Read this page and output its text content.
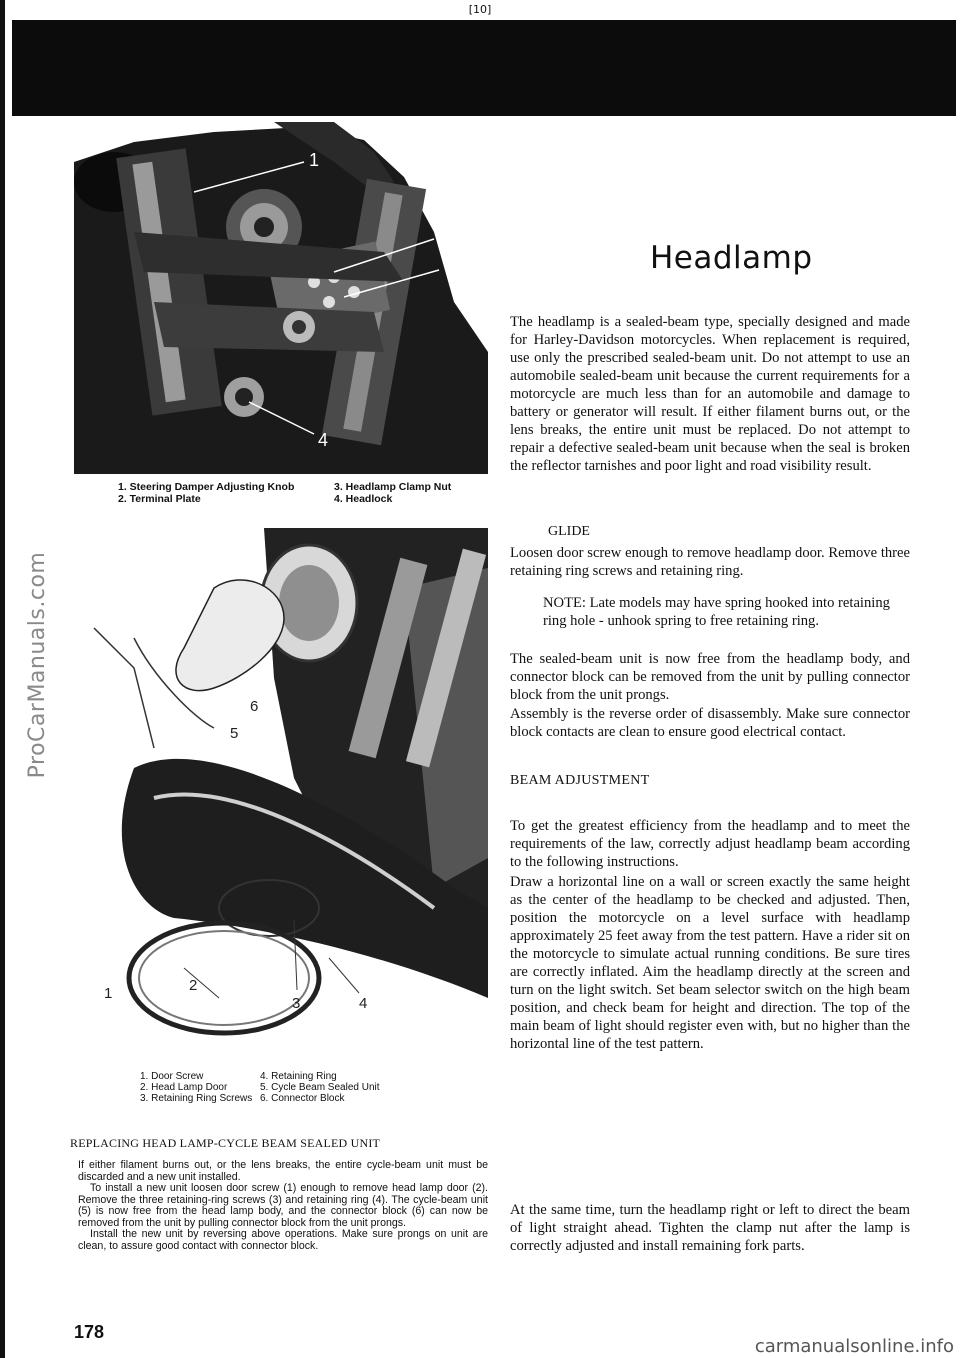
ProCarManuals.com
[10]
1
2
3
4
1. Steering Damper Adjusting Knob
2. Terminal Plate
3. Headlamp Clamp Nut
4. Headlock
1	2
3	4
5
6
1. Door Screw
2. Head Lamp Door
3. Retaining Ring Screws
4. Retaining Ring
5. Cycle Beam Sealed Unit
6. Connector Block
REPLACING HEAD LAMP-CYCLE BEAM SEALED UNIT

If either filament burns out, or the lens breaks, the entire cycle-beam unit must be discarded and a new unit installed.

To install a new unit loosen door screw (1) enough to remove head lamp door (2). Remove the three retaining-ring screws (3) and retaining ring (4). The cycle-beam unit (5) is now free from the head lamp body, and the connector block (6) can now be removed from the unit by pulling connector block from the unit prongs.

Install the new unit by reversing above operations. Make sure prongs on unit are clean, to assure good contact with connector block.

178
Headlamp

The headlamp is a sealed-beam type, specially designed and made for Harley-Davidson motorcycles. When replacement is required, use only the prescribed sealed-beam unit. Do not attempt to use an automobile sealed-beam unit because the current requirements for a motorcycle are much less than for an automobile and damage to battery or generator will result. If either filament burns out, or the lens breaks, the entire unit must be replaced. Do not attempt to repair a defective sealed-beam unit because when the seal is broken the reflector tarnishes and poor light and road visibility result.

GLIDE

Loosen door screw enough to remove headlamp door. Remove three retaining ring screws and retaining ring.

NOTE: Late models may have spring hooked into retaining ring hole - unhook spring to free retaining ring.

The sealed-beam unit is now free from the headlamp body, and connector block can be removed from the unit by pulling connector block from the unit prongs.

Assembly is the reverse order of disassembly. Make sure connector block contacts are clean to ensure good electrical contact.

BEAM ADJUSTMENT

To get the greatest efficiency from the headlamp and to meet the requirements of the law, correctly adjust headlamp beam according to the following instructions.

Draw a horizontal line on a wall or screen exactly the same height as the center of the headlamp to be checked and adjusted. Then, position the motorcycle on a level surface with headlamp approximately 25 feet away from the test pattern. Have a rider sit on the motorcycle to simulate actual running conditions. Be sure tires are correctly inflated. Aim the headlamp directly at the screen and turn on the light switch. Set beam selector switch on the high beam position, and check beam for height and direction. The top of the main beam of light should register even with, but no higher than the horizontal line of the test pattern.

At the same time, turn the headlamp right or left to direct the beam of light straight ahead. Tighten the clamp nut after the lamp is correctly adjusted and install remaining fork parts.

carmanualsonline.info
